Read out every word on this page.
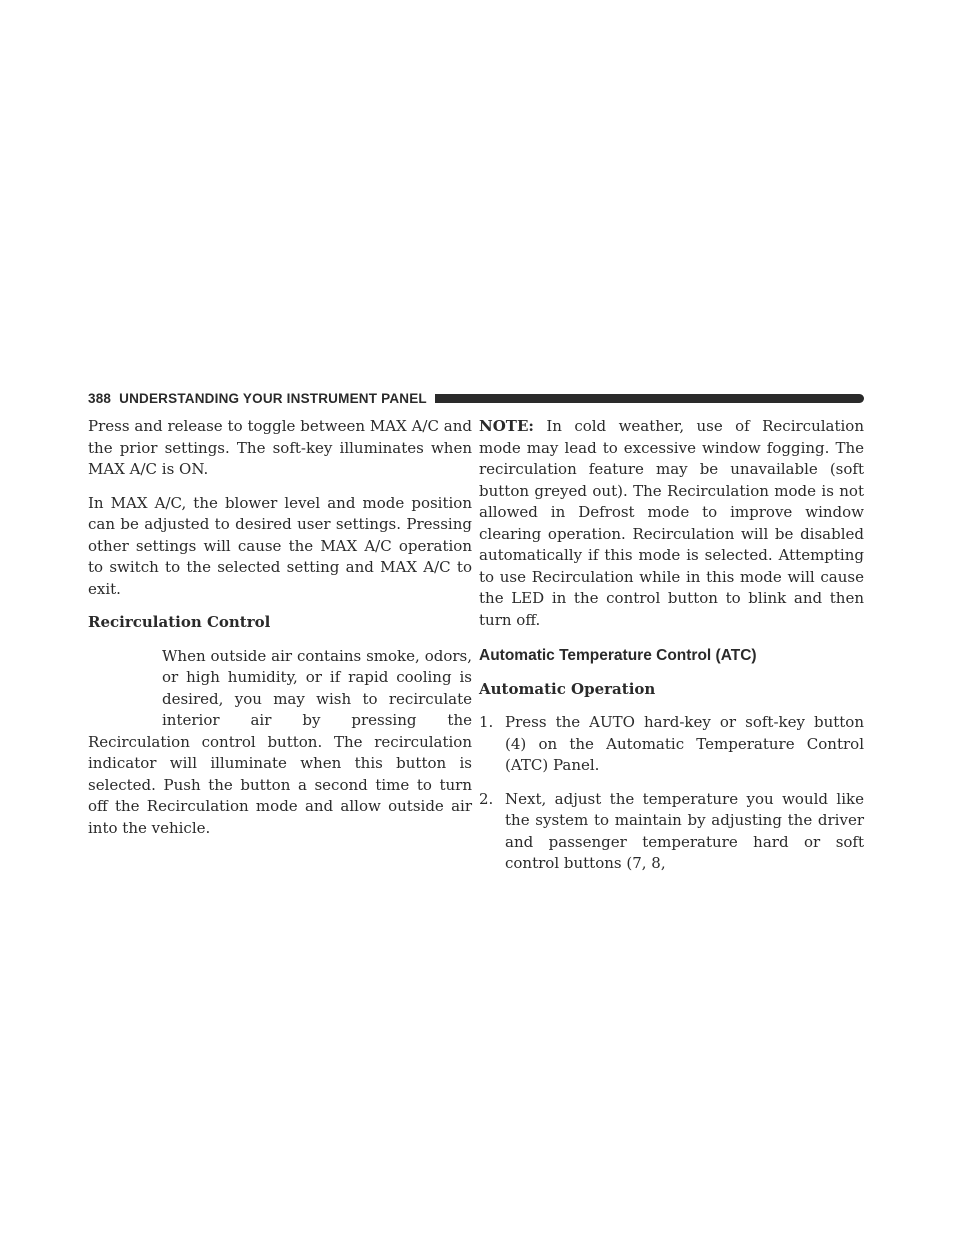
388 UNDERSTANDING YOUR INSTRUMENT PANEL

Press and release to toggle between MAX A/C and the prior settings. The soft-key illuminates when MAX A/C is ON.

In MAX A/C, the blower level and mode position can be adjusted to desired user settings. Pressing other settings will cause the MAX A/C operation to switch to the selected setting and MAX A/C to exit.

Recirculation Control

When outside air contains smoke, odors, or high humidity, or if rapid cooling is desired, you may wish to recirculate interior air by pressing the Recirculation control button. The recirculation indicator will illuminate when this button is selected. Push the button a second time to turn off the Recirculation mode and allow outside air into the vehicle.

NOTE: In cold weather, use of Recirculation mode may lead to excessive window fogging. The recirculation feature may be unavailable (soft button greyed out). The Recirculation mode is not allowed in Defrost mode to improve window clearing operation. Recirculation will be disabled automatically if this mode is selected. Attempting to use Recirculation while in this mode will cause the LED in the control button to blink and then turn off.

Automatic Temperature Control (ATC)

Automatic Operation

1. Press the AUTO hard-key or soft-key button (4) on the Automatic Temperature Control (ATC) Panel.

2. Next, adjust the temperature you would like the system to maintain by adjusting the driver and passenger temperature hard or soft control buttons (7, 8,
